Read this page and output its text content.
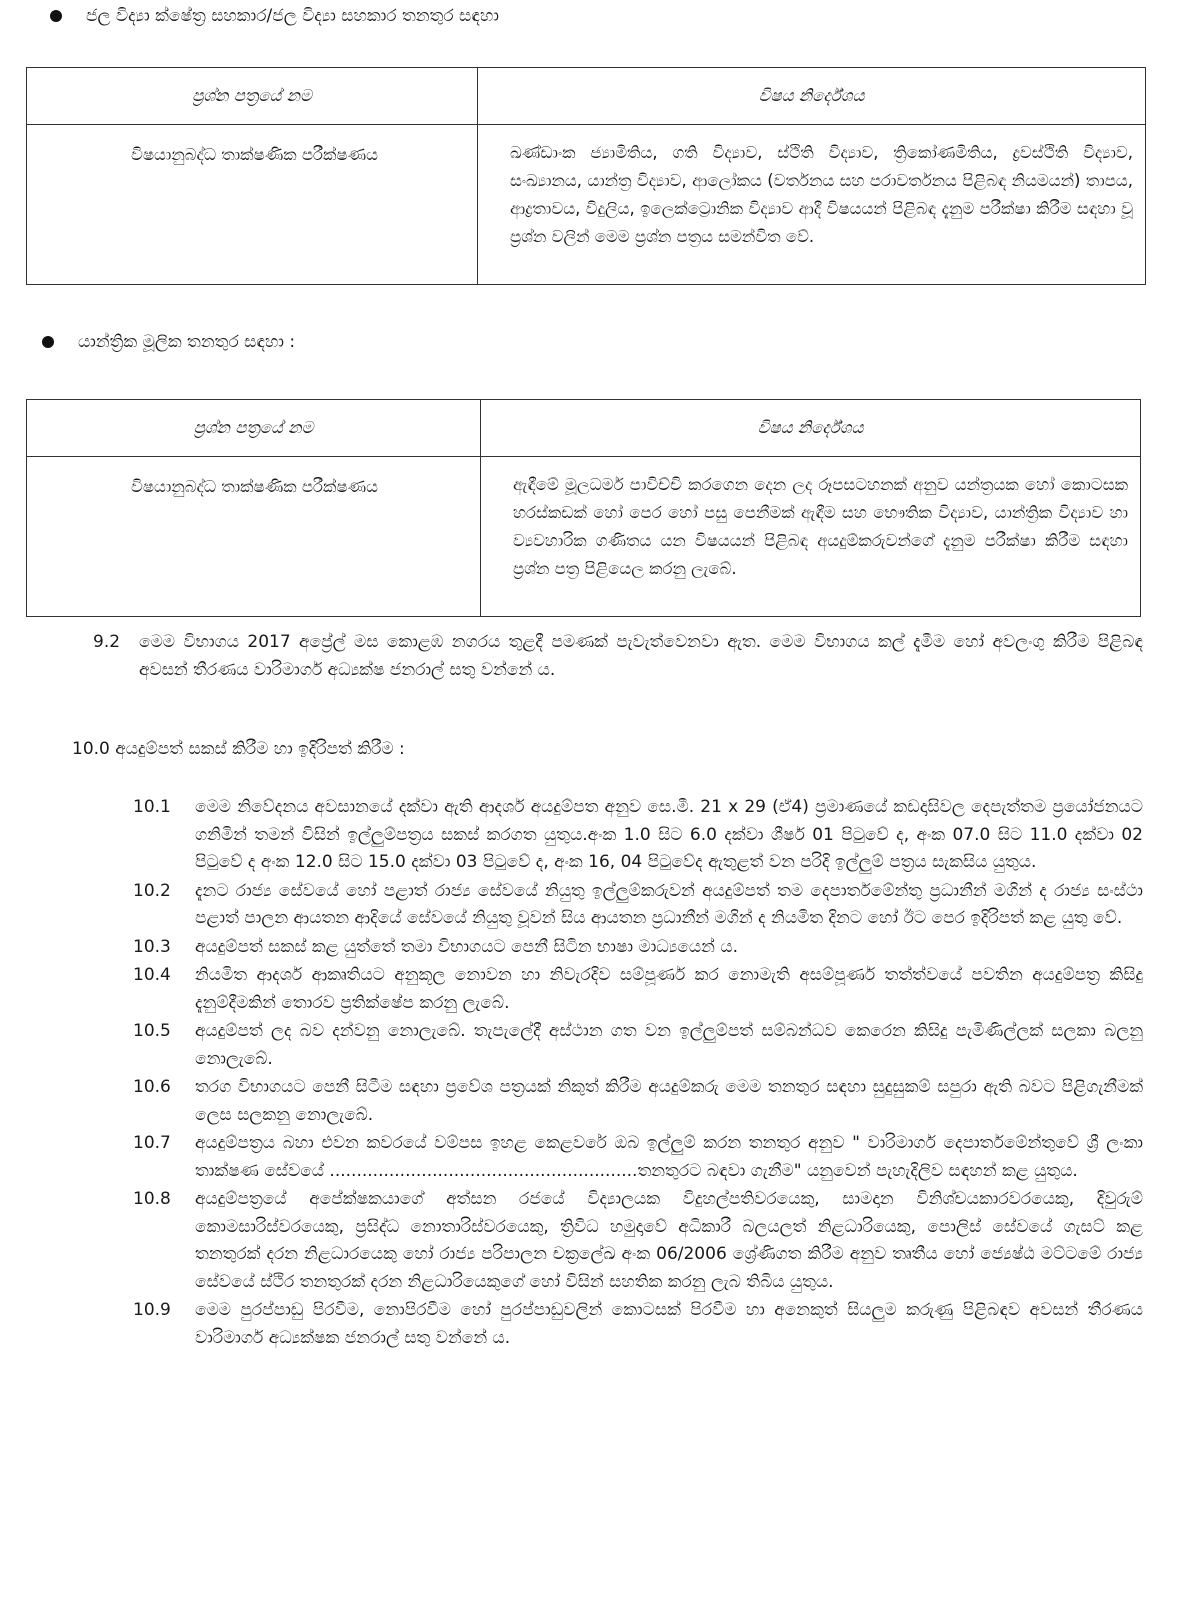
ජල විද්‍යා ක්ෂේත්‍ර සහකාර/ජල විද්‍යා සහකාර තනතුර සඳහා
ප්‍රශ්න පත්‍රයේ නම	විෂය නිර්දේශය
විෂයානුබද්ධ තාක්ෂණික පරීක්ෂණය	ඛණ්ඩාංක ජ්‍යාමිතිය, ගති විද්‍යාව, ස්ථිති විද්‍යාව, ත්‍රිකෝණමිතිය, ද්‍රවස්ථිති විද්‍යාව, සංඛ්‍යානය, යාන්ත්‍ර විද්‍යාව, ආලෝකය (වර්තනය සහ පරාවර්තනය පිළිබඳ නියමයන්) තාපය, ආද්‍රතාවය, විදුලිය, ඉලෙක්ට්‍රොනික විද්‍යාව ආදී විෂයයන් පිළිබඳ දැනුම පරීක්ෂා කිරීම සඳහා වූ ප්‍රශ්න වලින් මෙම ප්‍රශ්න පත්‍රය සමන්විත වේ.
යාන්ත්‍රික මූලික තනතුර සඳහා :
ප්‍රශ්න පත්‍රයේ නම	විෂය නිර්දේශය
විෂයානුබද්ධ තාක්ෂණික පරීක්ෂණය	ඇඳීමේ මූලධර්ම පාවිච්චි කරගෙන දෙන ලද රූපසටහනක් අනුව යන්ත්‍රයක හෝ කොටසක හරස්කඩක් හෝ පෙර හෝ පසු පෙනීමක් ඇඳීම සහ භෞතික විද්‍යාව, යාන්ත්‍රික විද්‍යාව හා ව්‍යවහාරික ගණිතය යන විෂයයන් පිළිබඳ අයදුම්කරුවන්ගේ දැනුම පරීක්ෂා කිරීම සඳහා ප්‍රශ්න පත්‍ර පිළියෙල කරනු ලැබේ.
9.2	මෙම විභාගය 2017 අප්‍රේල් මස කොළඹ නගරය තුළදී පමණක් පැවැත්වෙනවා ඇත. මෙම විභාගය කල් දැමීම හෝ අවලංගු කිරීම පිළිබඳ අවසන් තීරණය වාරිමාර්ග අධ්‍යක්ෂ ජනරාල් සතු වන්නේ ය.
10.0 අයදුම්පත් සකස් කිරීම හා ඉදිරිපත් කිරීම :
10.1	මෙම නිවේදනය අවසානයේ දක්වා ඇති ආදර්ශ අයදුම්පත අනුව සෙ.මී. 21 x 29 (ඒ4) ප්‍රමාණයේ කඩදාසිවල දෙපැත්තම ප්‍රයෝජනයට ගනිමින් තමන් විසින් ඉල්ලුම්පත්‍රය සකස් කරගත යුතුය.අංක 1.0 සිට 6.0 දක්වා ශීර්ෂ 01 පිටුවේ ද, අංක 07.0 සිට 11.0 දක්වා 02 පිටුවේ ද අංක 12.0 සිට 15.0 දක්වා 03 පිටුවේ ද, අංක 16, 04 පිටුවේද ඇතුළත් වන පරිදි ඉල්ලුම් පත්‍රය සැකසිය යුතුය.
10.2	දැනට රාජ්‍ය සේවයේ හෝ පළාත් රාජ්‍ය සේවයේ නියුතු ඉල්ලුම්කරුවන් අයදුම්පත් තම දෙපාර්තමේන්තු ප්‍රධානීන් මගින් ද රාජ්‍ය සංස්ථා පළාත් පාලන ආයතන ආදියේ සේවයේ නියුතු වූවන් සිය ආයතන ප්‍රධානීන් මගින් ද නියමිත දිනට හෝ ඊට පෙර ඉදිරිපත් කළ යුතු වේ.
10.3	අයදුම්පත් සකස් කළ යුත්තේ තමා විභාගයට පෙනී සිටින භාෂා මාධ්‍යයෙන් ය.
10.4	නියමිත ආදර්ශ ආකෘතියට අනුකූල නොවන හා නිවැරදිව සම්පූර්ණ කර නොමැති අසම්පූර්ණ තත්ත්වයේ පවතින අයදුම්පත්‍ර කිසිදු දැනුම්දීමකින් තොරව ප්‍රතික්ෂේප කරනු ලැබේ.
10.5	අයදුම්පත් ලද බව දන්වනු නොලැබේ. තැපැලේදී අස්ථාන ගත වන ඉල්ලුම්පත් සම්බන්ධව කෙරෙන කිසිදු පැමිණිල්ලක් සලකා බලනු නොලැබේ.
10.6	තරග විභාගයට පෙනී සිටීම සඳහා ප්‍රවේශ පත්‍රයක් නිකුත් කිරීම අයදුම්කරු මෙම තනතුර සඳහා සුදුසුකම් සපුරා ඇති බවට පිළිගැනීමක් ලෙස සලකනු නොලැබේ.
10.7	අයදුම්පත්‍රය බහා එවන කවරයේ වම්පස ඉහළ කෙළවරේ ඔබ ඉල්ලුම් කරන තනතුර අනුව " වාරිමාර්ග දෙපාර්තමේන්තුවේ ශ්‍රී ලංකා තාක්ෂණ සේවයේ .........................................................තනතුරට බඳවා ගැනීම" යනුවෙන් පැහැදිලිව සඳහන් කළ යුතුය.
10.8	අයදුම්පත්‍රයේ අපේක්ෂකයාගේ අත්සන රජයේ විද්‍යාලයක විදුහල්පතිවරයෙකු, සාමදාන විනිශ්චයකාරවරයෙකු, දිවුරුම් කොමසාරිස්වරයෙකු, ප්‍රසිද්ධ නොතාරිස්වරයෙකු, ත්‍රිවිධ හමුදාවේ අධිකාරී බලයලත් නිළධාරියෙකු, පොලිස් සේවයේ ගැසට් කළ තනතුරක් දරන නිළධාරයෙකු හෝ රාජ්‍ය පරිපාලන චක්‍රලේඛ අංක 06/2006 ශ්‍රේණිගත කිරීම අනුව තෘතීය හෝ ජ්‍යෙෂ්ඨ මට්ටමේ රාජ්‍ය සේවයේ ස්ථිර තනතුරක් දරන නිළධාරියෙකුගේ හෝ විසින් සහතික කරනු ලැබ තිබිය යුතුය.
10.9	මෙම පුරප්පාඩු පිරවීම, නොපිරවීම හෝ පුරප්පාඩුවලින් කොටසක් පිරවීම හා අනෙකුත් සියලුම කරුණු පිළිබඳව අවසන් තීරණය වාරිමාර්ග අධ්‍යක්ෂක ජනරාල් සතු වන්නේ ය.
